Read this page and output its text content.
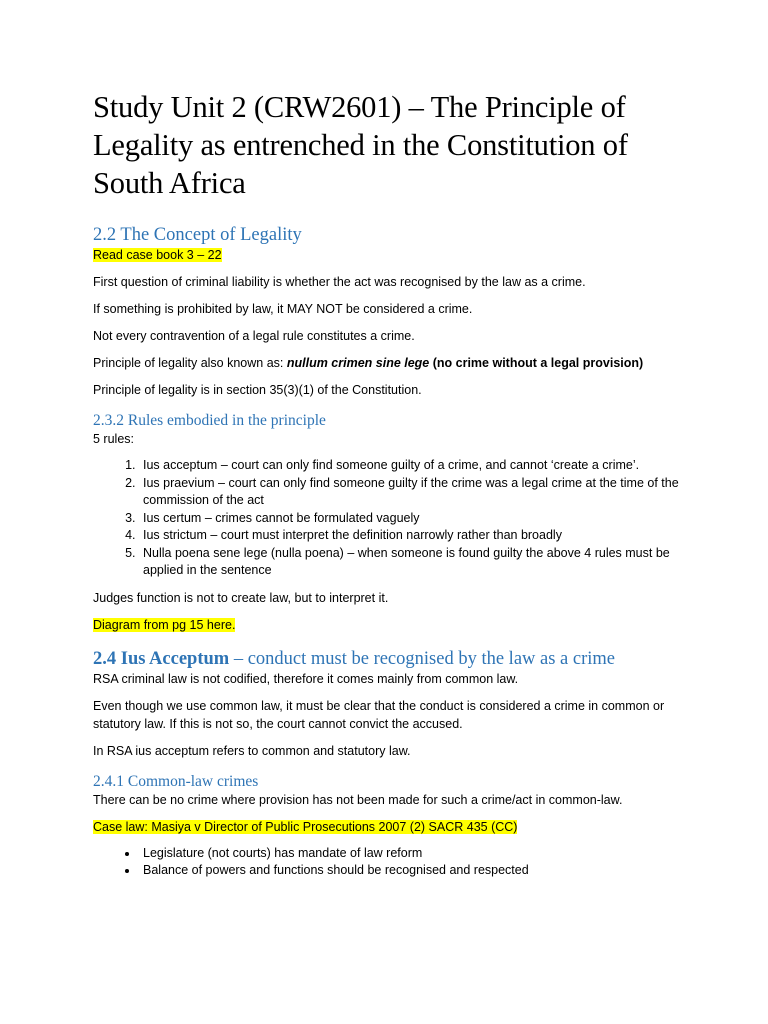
Study Unit 2 (CRW2601) – The Principle of Legality as entrenched in the Constitution of South Africa
2.2 The Concept of Legality

Read case book 3 – 22

First question of criminal liability is whether the act was recognised by the law as a crime.

If something is prohibited by law, it MAY NOT be considered a crime.

Not every contravention of a legal rule constitutes a crime.

Principle of legality also known as: nullum crimen sine lege (no crime without a legal provision)

Principle of legality is in section 35(3)(1) of the Constitution.

2.3.2 Rules embodied in the principle

5 rules:

1. Ius acceptum – court can only find someone guilty of a crime, and cannot ‘create a crime’.
2. Ius praevium – court can only find someone guilty if the crime was a legal crime at the time of the commission of the act
3. Ius certum – crimes cannot be formulated vaguely
4. Ius strictum – court must interpret the definition narrowly rather than broadly
5. Nulla poena sene lege (nulla poena) – when someone is found guilty the above 4 rules must be applied in the sentence

Judges function is not to create law, but to interpret it.

Diagram from pg 15 here.

2.4 Ius Acceptum – conduct must be recognised by the law as a crime

RSA criminal law is not codified, therefore it comes mainly from common law.

Even though we use common law, it must be clear that the conduct is considered a crime in common or statutory law. If this is not so, the court cannot convict the accused.

In RSA ius acceptum refers to common and statutory law.

2.4.1 Common-law crimes

There can be no crime where provision has not been made for such a crime/act in common-law.

Case law: Masiya v Director of Public Prosecutions 2007 (2) SACR 435 (CC)

• Legislature (not courts) has mandate of law reform
• Balance of powers and functions should be recognised and respected
